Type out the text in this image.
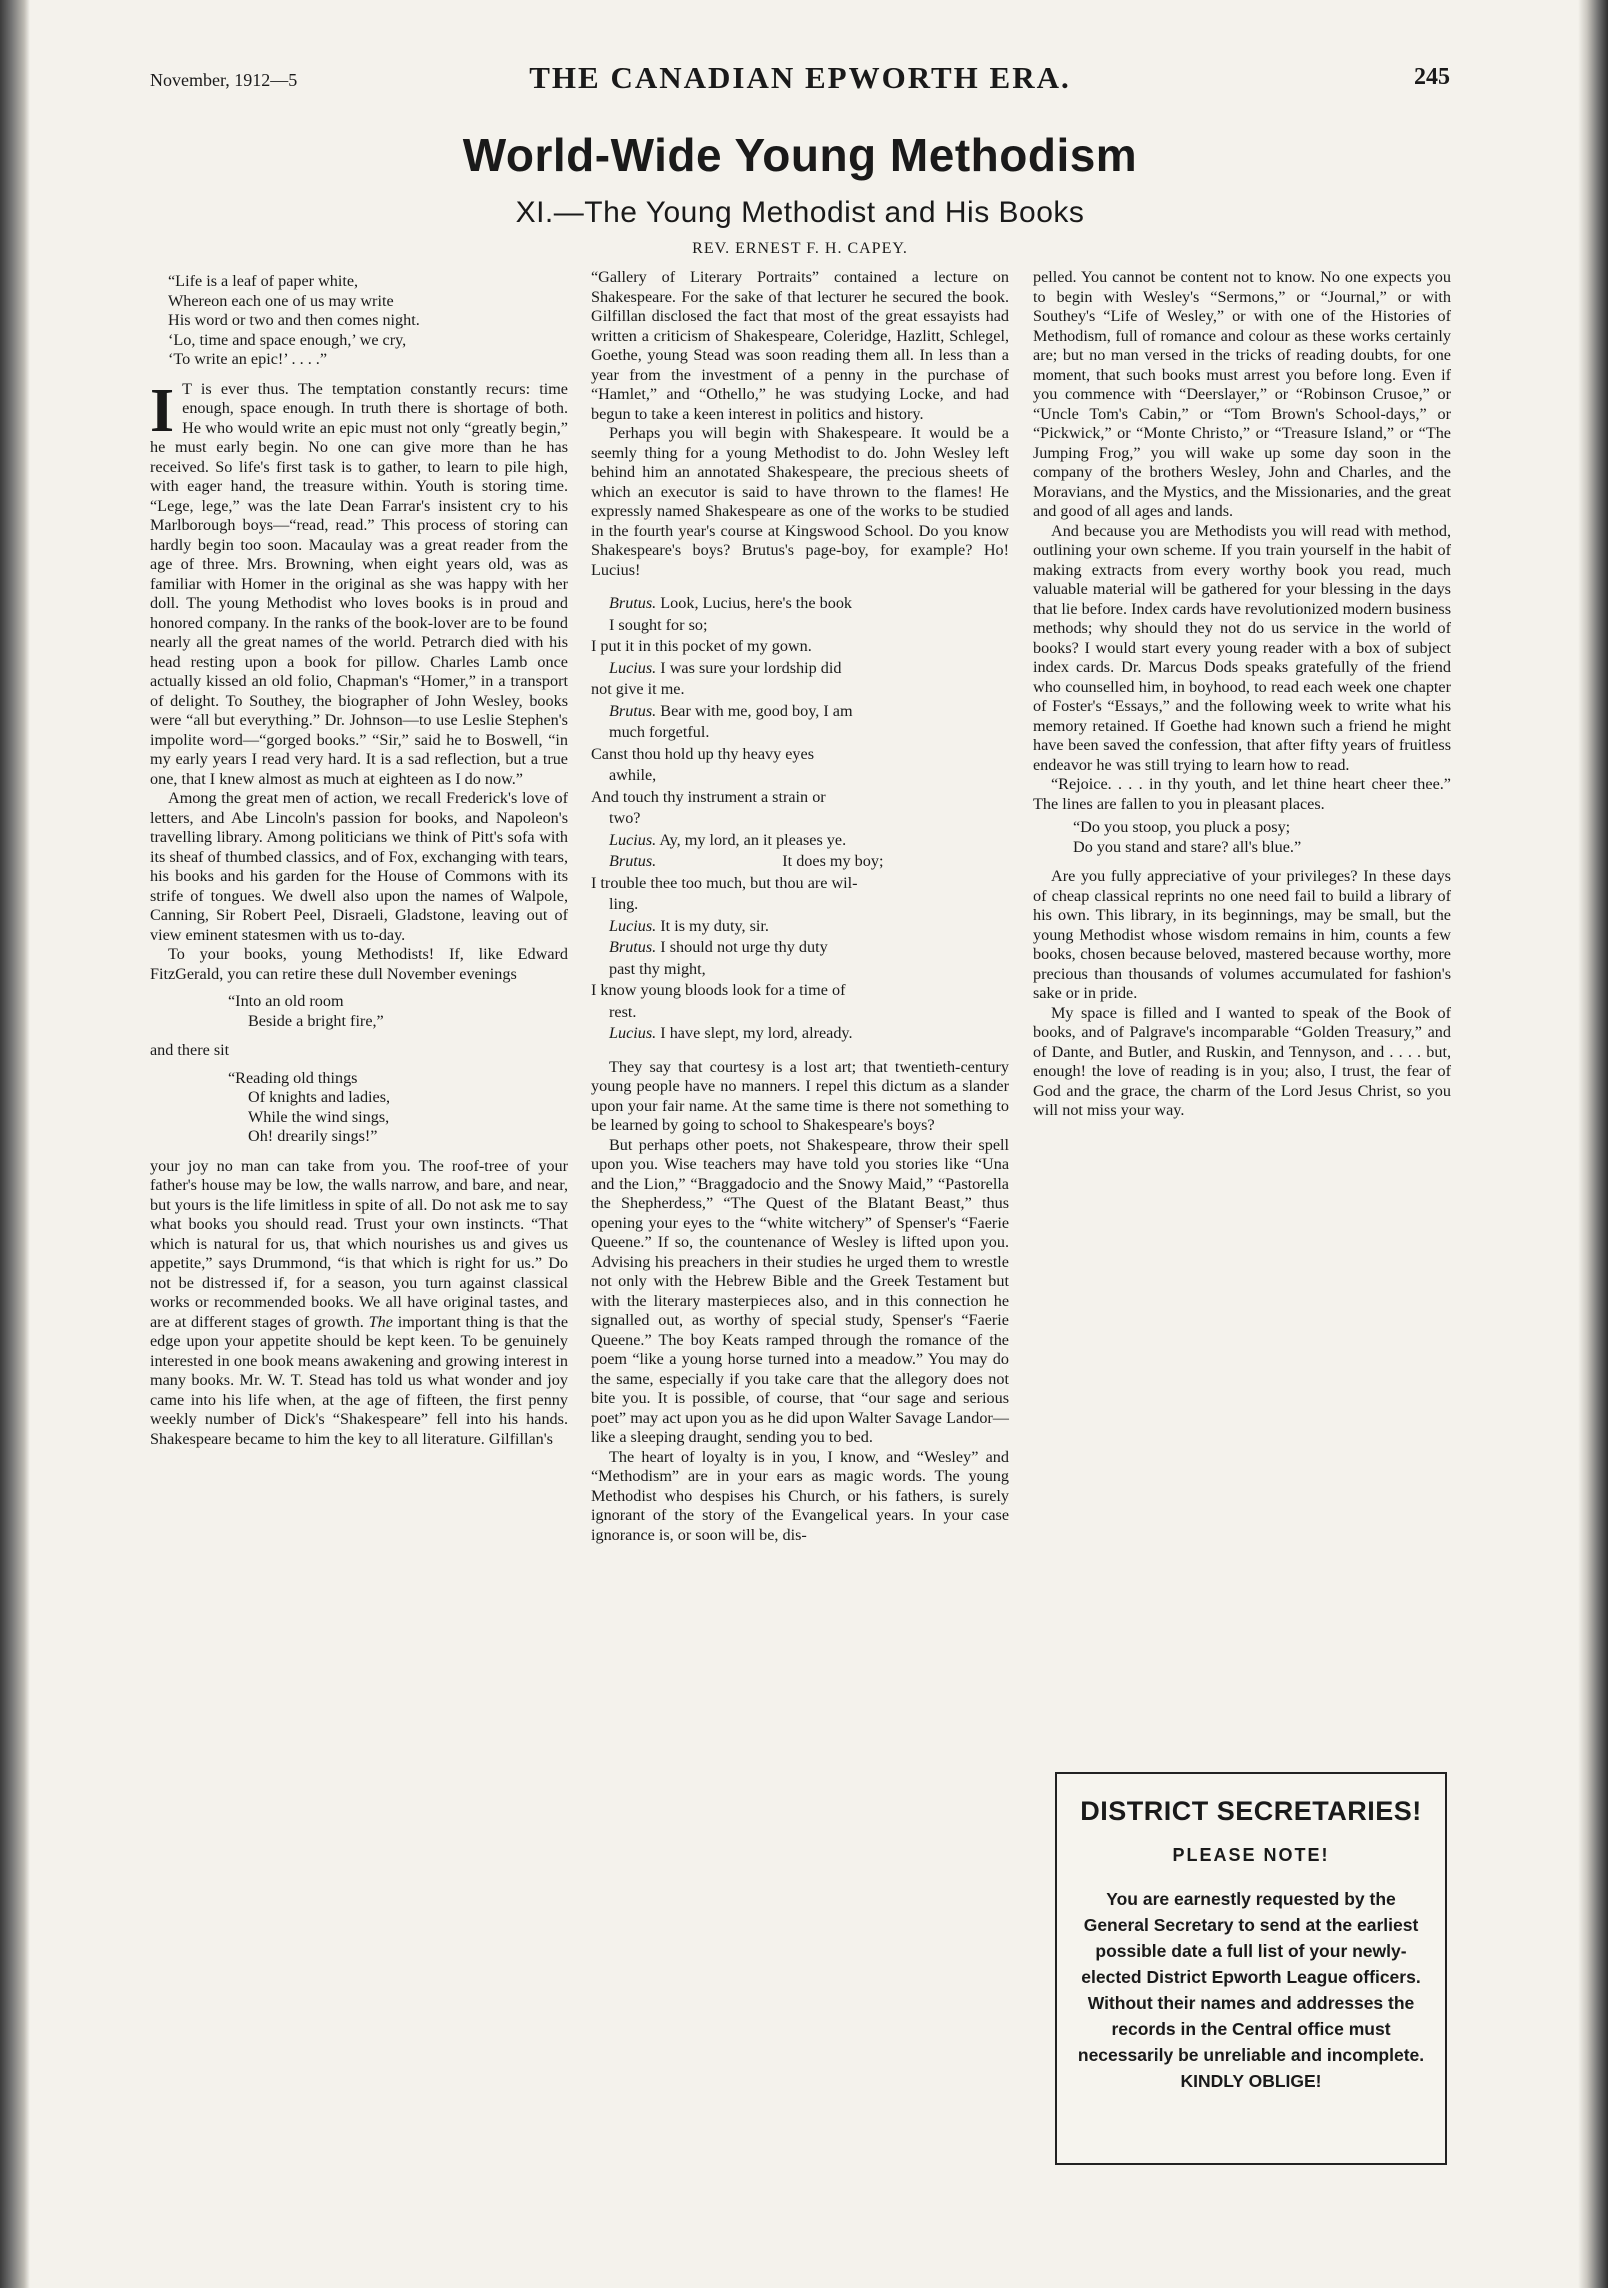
November, 1912—5	THE CANADIAN EPWORTH ERA.	245
World-Wide Young Methodism
XI.—The Young Methodist and His Books
REV. ERNEST F. H. CAPEY.
“Life is a leaf of paper white,
Whereon each one of us may write
His word or two and then comes night.
‘Lo, time and space enough,’ we cry,
‘To write an epic!’ . . . .”

I T is ever thus. The temptation constantly recurs: time enough, space enough. In truth there is shortage of both. He who would write an epic must not only “greatly begin,” he must early begin. No one can give more than he has received. So life's first task is to gather, to learn to pile high, with eager hand, the treasure within. Youth is storing time. “Lege, lege,” was the late Dean Farrar's insistent cry to his Marlborough boys—“read, read.” This process of storing can hardly begin too soon. Macaulay was a great reader from the age of three. Mrs. Browning, when eight years old, was as familiar with Homer in the original as she was happy with her doll. The young Methodist who loves books is in proud and honored company. In the ranks of the book-lover are to be found nearly all the great names of the world. Petrarch died with his head resting upon a book for pillow. Charles Lamb once actually kissed an old folio, Chapman's “Homer,” in a transport of delight. To Southey, the biographer of John Wesley, books were “all but everything.” Dr. Johnson—to use Leslie Stephen's impolite word—“gorged books.” “Sir,” said he to Boswell, “in my early years I read very hard. It is a sad reflection, but a true one, that I knew almost as much at eighteen as I do now.”

Among the great men of action, we recall Frederick's love of letters, and Abe Lincoln's passion for books, and Napoleon's travelling library. Among politicians we think of Pitt's sofa with its sheaf of thumbed classics, and of Fox, exchanging with tears, his books and his garden for the House of Commons with its strife of tongues. We dwell also upon the names of Walpole, Canning, Sir Robert Peel, Disraeli, Gladstone, leaving out of view eminent statesmen with us to-day.

To your books, young Methodists! If, like Edward FitzGerald, you can retire these dull November evenings

“Into an old room
Beside a bright fire,”

and there sit

“Reading old things
Of knights and ladies,
While the wind sings,
Oh! drearily sings!”

your joy no man can take from you. The roof-tree of your father's house may be low, the walls narrow, and bare, and near, but yours is the life limitless in spite of all. Do not ask me to say what books you should read. Trust your own instincts. “That which is natural for us, that which nourishes us and gives us appetite,” says Drummond, “is that which is right for us.” Do not be distressed if, for a season, you turn against classical works or recommended books. We all have original tastes, and are at different stages of growth. The important thing is that the edge upon your appetite should be kept keen. To be genuinely interested in one book means awakening and growing interest in many books. Mr. W. T. Stead has told us what wonder and joy came into his life when, at the age of fifteen, the first penny weekly number of Dick's “Shakespeare” fell into his hands. Shakespeare became to him the key to all literature. Gilfillan's

“Gallery of Literary Portraits” contained a lecture on Shakespeare. For the sake of that lecturer he secured the book. Gilfillan disclosed the fact that most of the great essayists had written a criticism of Shakespeare, Coleridge, Hazlitt, Schlegel, Goethe, young Stead was soon reading them all. In less than a year from the investment of a penny in the purchase of “Hamlet,” and “Othello,” he was studying Locke, and had begun to take a keen interest in politics and history.

Perhaps you will begin with Shakespeare. It would be a seemly thing for a young Methodist to do. John Wesley left behind him an annotated Shakespeare, the precious sheets of which an executor is said to have thrown to the flames! He expressly named Shakespeare as one of the works to be studied in the fourth year's course at Kingswood School. Do you know Shakespeare's boys? Brutus's page-boy, for example? Ho! Lucius!

Brutus. Look, Lucius, here's the book
I sought for so;
I put it in this pocket of my gown.
Lucius. I was sure your lordship did
not give it me.
Brutus. Bear with me, good boy, I am
much forgetful.
Canst thou hold up thy heavy eyes
awhile,
And touch thy instrument a strain or
two?
Lucius. Ay, my lord, an it pleases ye.
Brutus.	It does my boy;
I trouble thee too much, but thou are wil-
ling.
Lucius. It is my duty, sir.
Brutus. I should not urge thy duty
past thy might,
I know young bloods look for a time of
rest.
Lucius. I have slept, my lord, already.

They say that courtesy is a lost art; that twentieth-century young people have no manners. I repel this dictum as a slander upon your fair name. At the same time is there not something to be learned by going to school to Shakespeare's boys?

But perhaps other poets, not Shakespeare, throw their spell upon you. Wise teachers may have told you stories like “Una and the Lion,” “Braggadocio and the Snowy Maid,” “Pastorella the Shepherdess,” “The Quest of the Blatant Beast,” thus opening your eyes to the “white witchery” of Spenser's “Faerie Queene.” If so, the countenance of Wesley is lifted upon you. Advising his preachers in their studies he urged them to wrestle not only with the Hebrew Bible and the Greek Testament but with the literary masterpieces also, and in this connection he signalled out, as worthy of special study, Spenser's “Faerie Queene.” The boy Keats ramped through the romance of the poem “like a young horse turned into a meadow.” You may do the same, especially if you take care that the allegory does not bite you. It is possible, of course, that “our sage and serious poet” may act upon you as he did upon Walter Savage Landor—like a sleeping draught, sending you to bed.

The heart of loyalty is in you, I know, and “Wesley” and “Methodism” are in your ears as magic words. The young Methodist who despises his Church, or his fathers, is surely ignorant of the story of the Evangelical years. In your case ignorance is, or soon will be, dis-

pelled. You cannot be content not to know. No one expects you to begin with Wesley's “Sermons,” or “Journal,” or with Southey's “Life of Wesley,” or with one of the Histories of Methodism, full of romance and colour as these works certainly are; but no man versed in the tricks of reading doubts, for one moment, that such books must arrest you before long. Even if you commence with “Deerslayer,” or “Robinson Crusoe,” or “Uncle Tom's Cabin,” or “Tom Brown's School-days,” or “Pickwick,” or “Monte Christo,” or “Treasure Island,” or “The Jumping Frog,” you will wake up some day soon in the company of the brothers Wesley, John and Charles, and the Moravians, and the Mystics, and the Missionaries, and the great and good of all ages and lands.

And because you are Methodists you will read with method, outlining your own scheme. If you train yourself in the habit of making extracts from every worthy book you read, much valuable material will be gathered for your blessing in the days that lie before. Index cards have revolutionized modern business methods; why should they not do us service in the world of books? I would start every young reader with a box of subject index cards. Dr. Marcus Dods speaks gratefully of the friend who counselled him, in boyhood, to read each week one chapter of Foster's “Essays,” and the following week to write what his memory retained. If Goethe had known such a friend he might have been saved the confession, that after fifty years of fruitless endeavor he was still trying to learn how to read.

“Rejoice. . . . in thy youth, and let thine heart cheer thee.” The lines are fallen to you in pleasant places.

“Do you stoop, you pluck a posy;
Do you stand and stare? all's blue.”

Are you fully appreciative of your privileges? In these days of cheap classical reprints no one need fail to build a library of his own. This library, in its beginnings, may be small, but the young Methodist whose wisdom remains in him, counts a few books, chosen because beloved, mastered because worthy, more precious than thousands of volumes accumulated for fashion's sake or in pride.

My space is filled and I wanted to speak of the Book of books, and of Palgrave's incomparable “Golden Treasury,” and of Dante, and Butler, and Ruskin, and Tennyson, and . . . . but, enough! the love of reading is in you; also, I trust, the fear of God and the grace, the charm of the Lord Jesus Christ, so you will not miss your way.

DISTRICT SECRETARIES!
PLEASE NOTE!
You are earnestly requested by the General Secretary to send at the earliest possible date a full list of your newly-elected District Epworth League officers. Without their names and addresses the records in the Central office must necessarily be unreliable and incomplete. KINDLY OBLIGE!
